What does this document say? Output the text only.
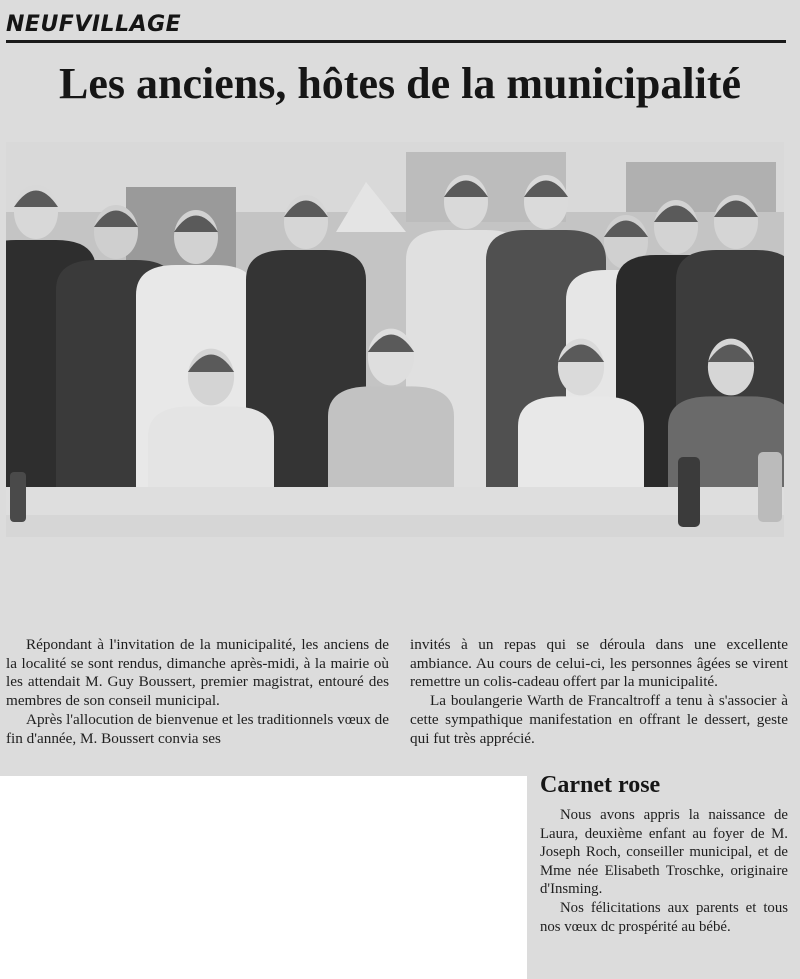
NEUFVILLAGE
Les anciens, hôtes de la municipalité

Répondant à l'invitation de la municipalité, les anciens de la localité se sont rendus, dimanche après-midi, à la mairie où les attendait M. Guy Boussert, premier magistrat, entouré des membres de son conseil municipal.

Après l'allocution de bienvenue et les traditionnels vœux de fin d'année, M. Boussert convia ses

invités à un repas qui se déroula dans une excellente ambiance. Au cours de celui-ci, les personnes âgées se virent remettre un colis-cadeau offert par la municipalité.

La boulangerie Warth de Francaltroff a tenu à s'associer à cette sympathique manifestation en offrant le dessert, geste qui fut très apprécié.

Carnet rose

Nous avons appris la naissance de Laura, deuxième enfant au foyer de M. Joseph Roch, conseiller municipal, et de Mme née Elisabeth Troschke, originaire d'Insming.

Nos félicitations aux parents et tous nos vœux dc prospérité au bébé.
